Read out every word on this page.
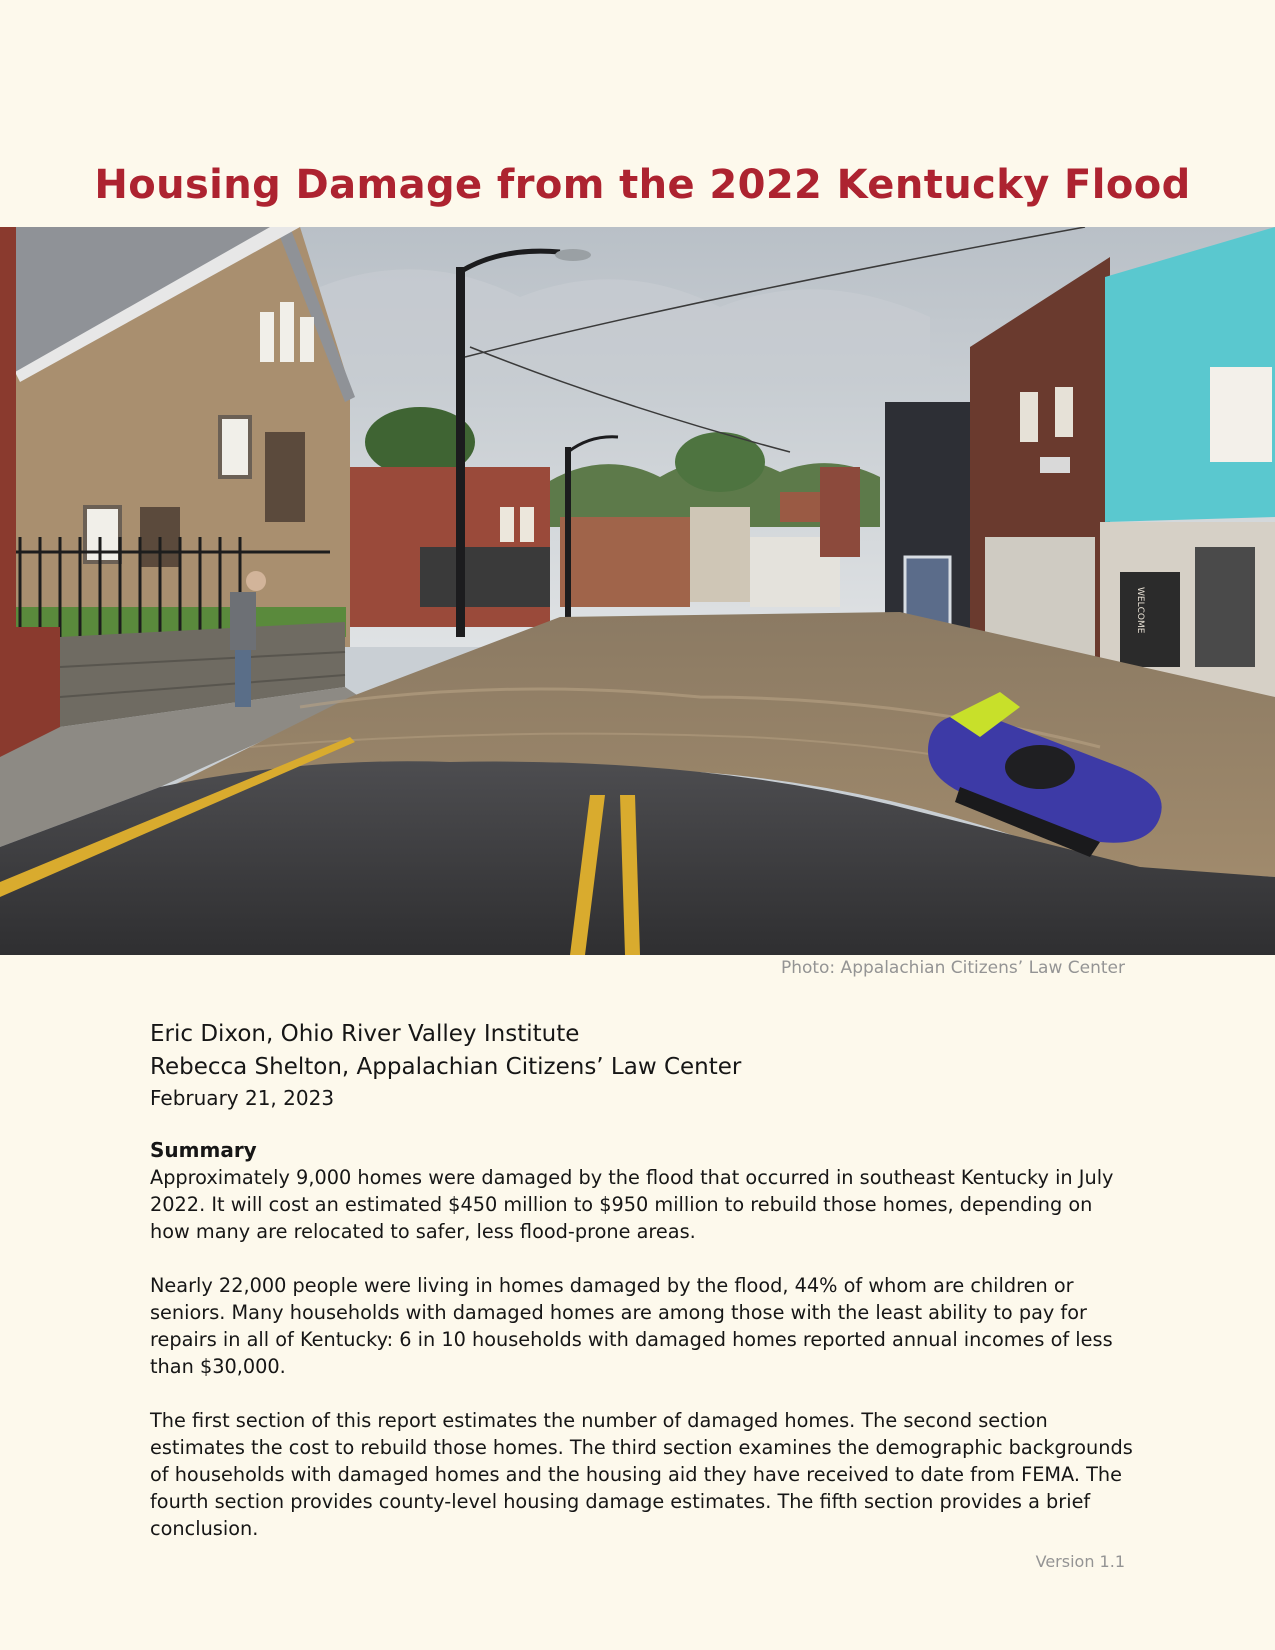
Housing Damage from the 2022 Kentucky Flood
WELCOME
Photo: Appalachian Citizens’ Law Center
Eric Dixon, Ohio River Valley Institute
Rebecca Shelton, Appalachian Citizens’ Law Center
February 21, 2023
Summary

Approximately 9,000 homes were damaged by the flood that occurred in southeast Kentucky in July 2022. It will cost an estimated $450 million to $950 million to rebuild those homes, depending on how many are relocated to safer, less flood-prone areas.

Nearly 22,000 people were living in homes damaged by the flood, 44% of whom are children or seniors. Many households with damaged homes are among those with the least ability to pay for repairs in all of Kentucky: 6 in 10 households with damaged homes reported annual incomes of less than $30,000.

The first section of this report estimates the number of damaged homes. The second section estimates the cost to rebuild those homes. The third section examines the demographic backgrounds of households with damaged homes and the housing aid they have received to date from FEMA. The fourth section provides county-level housing damage estimates. The fifth section provides a brief conclusion.

Version 1.1
